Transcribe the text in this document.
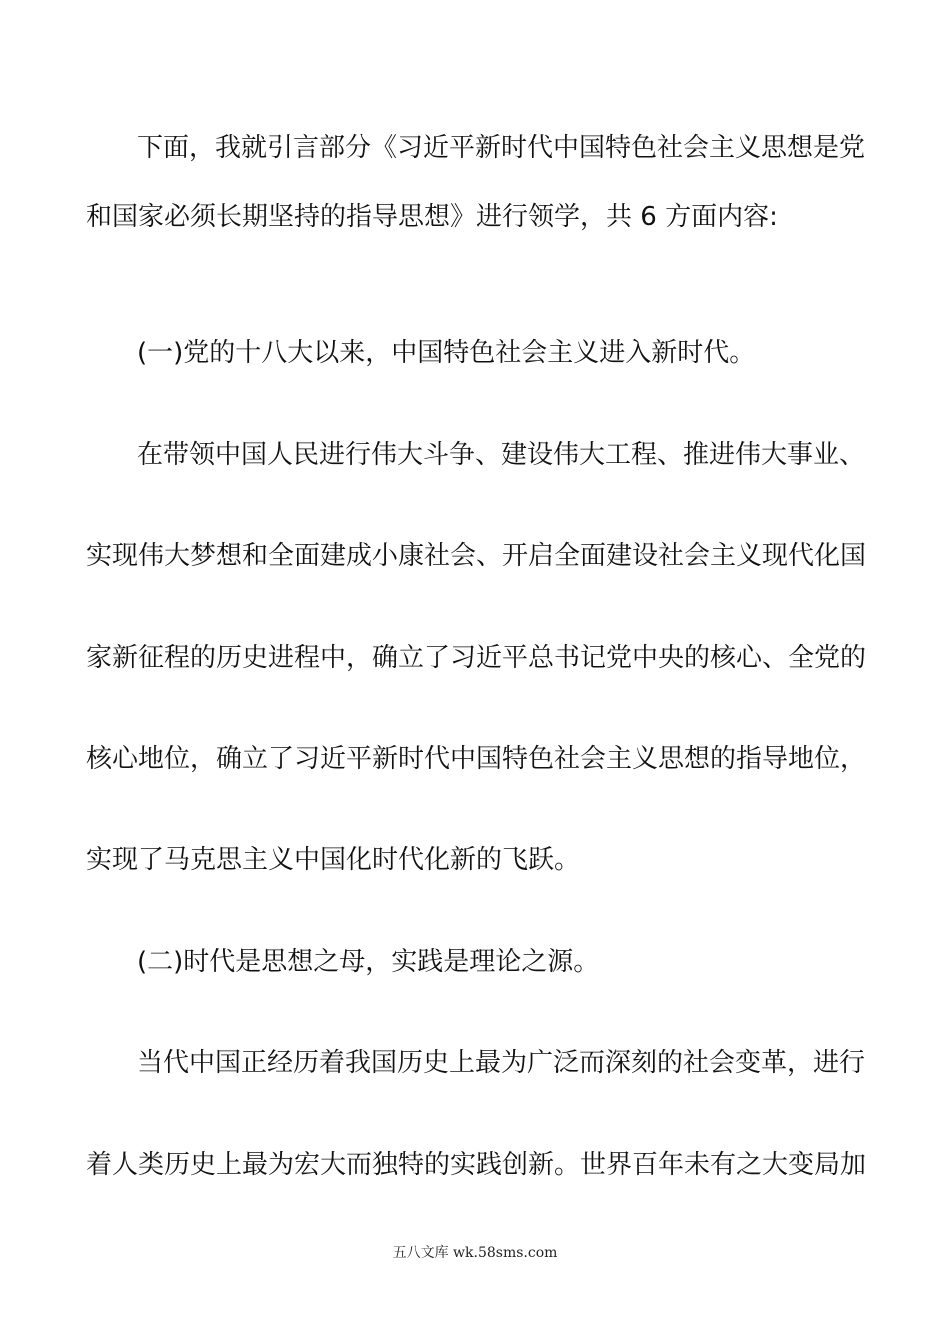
下面，我就引言部分《习近平新时代中国特色社会主义思想是党
和国家必须长期坚持的指导思想》进行领学，共 6 方面内容:
(一)党的十八大以来，中国特色社会主义进入新时代。
在带领中国人民进行伟大斗争、建设伟大工程、推进伟大事业、
实现伟大梦想和全面建成小康社会、开启全面建设社会主义现代化国
家新征程的历史进程中，确立了习近平总书记党中央的核心、全党的
核心地位，确立了习近平新时代中国特色社会主义思想的指导地位，
实现了马克思主义中国化时代化新的飞跃。
(二)时代是思想之母，实践是理论之源。
当代中国正经历着我国历史上最为广泛而深刻的社会变革，进行
着人类历史上最为宏大而独特的实践创新。世界百年未有之大变局加
五八文库 wk.58sms.com
